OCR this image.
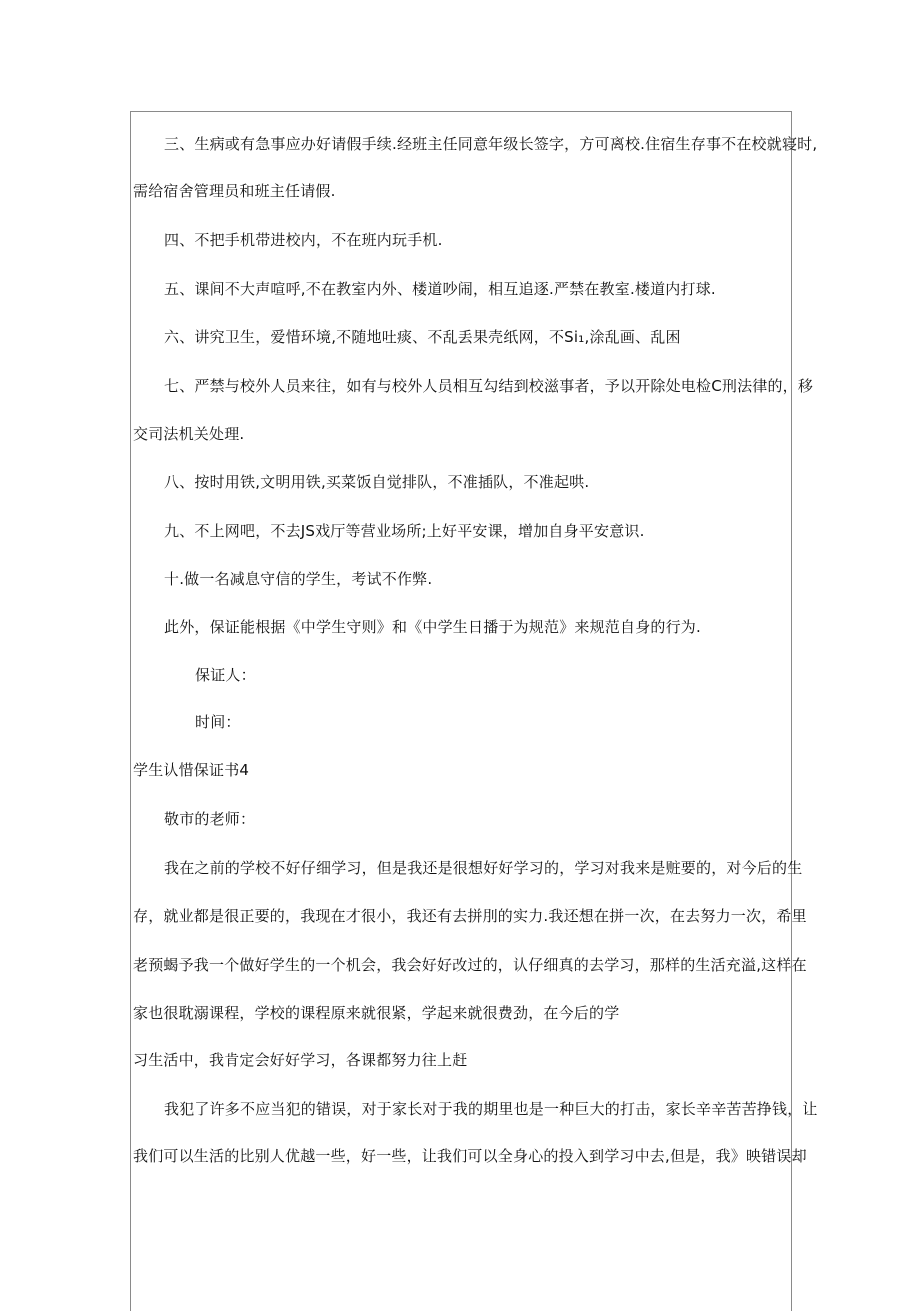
三、生病或有急事应办好请假手续.经班主任同意年级长签字，方可离校.住宿生存事不在校就寝时,
需给宿舍管理员和班主任请假.
四、不把手机带进校内，不在班内玩手机.
五、课间不大声喧呼,不在教室内外、楼道吵闹，相互追逐.严禁在教室.楼道内打球.
六、讲究卫生，爱惜环境,不随地吐痰、不乱丢果壳纸网，不Si₁,涂乱画、乱困
七、严禁与校外人员来往，如有与校外人员相互勾结到校滋事者，予以开除处电检C刑法律的，移
交司法机关处理.
八、按时用铁,文明用铁,买菜饭自觉排队，不准插队，不准起哄.
九、不上网吧，不去JS戏厅等营业场所;上好平安课，增加自身平安意识.
十.做一名减息守信的学生，考试不作弊.
此外，保证能根据《中学生守则》和《中学生日播于为规范》来规范自身的行为.
保证人：
时间：
学生认惜保证书4
敬市的老师：
我在之前的学校不好仔细学习，但是我还是很想好好学习的，学习对我来是赃要的，对今后的生
存，就业都是很正要的，我现在才很小，我还有去拼刖的实力.我还想在拼一次，在去努力一次，希里
老预蝎予我一个做好学生的一个机会，我会好好改过的，认仔细真的去学习，那样的生活充溢,这样在
家也很耽溺课程，学校的课程原来就很紧，学起来就很费劲，在今后的学
习生活中，我肯定会好好学习，各课都努力往上赶
我犯了许多不应当犯的错误，对于家长对于我的期里也是一种巨大的打击，家长辛辛苦苦挣钱，让
我们可以生活的比别人优越一些，好一些，让我们可以全身心的投入到学习中去,但是，我》映错误却
